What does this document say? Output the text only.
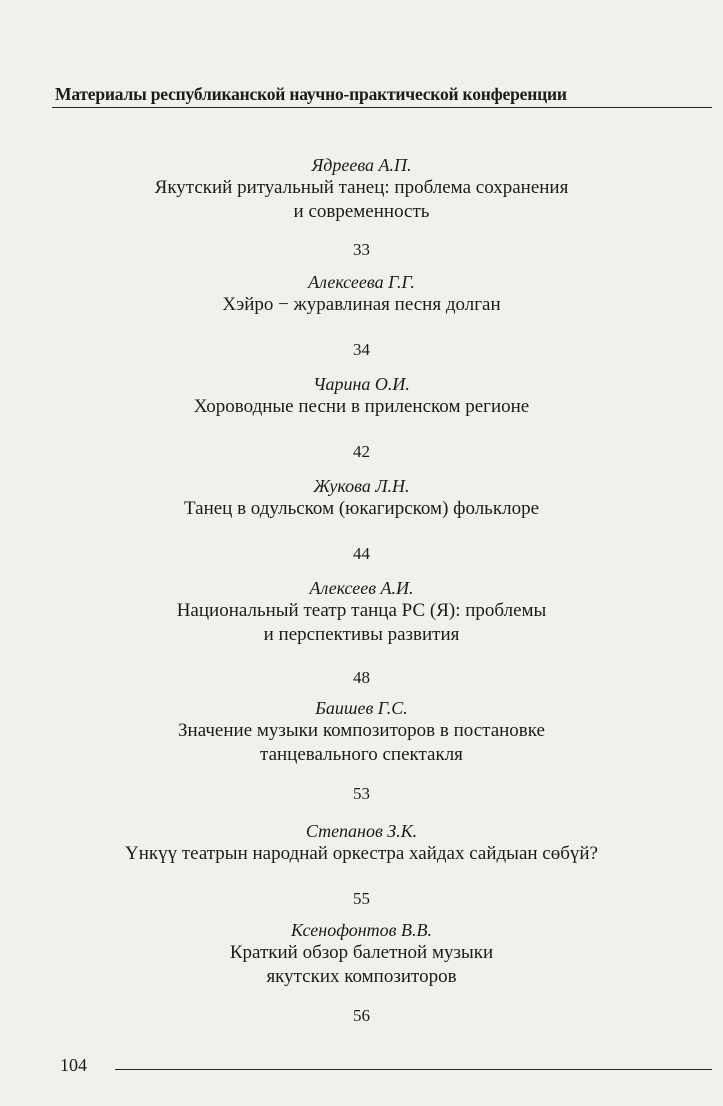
Материалы республиканской научно-практической конференции
Ядреева А.П.
Якутский ритуальный танец: проблема сохранения
и современность
33
Алексеева Г.Г.
Хэйро − журавлиная песня долган
34
Чарина О.И.
Хороводные песни в приленском регионе
42
Жукова Л.Н.
Танец в одульском (юкагирском) фольклоре
44
Алексеев А.И.
Национальный театр танца РС (Я): проблемы
и перспективы развития
48
Баишев Г.С.
Значение музыки композиторов в постановке
танцевального спектакля
53
Степанов З.К.
Үнкүү театрын народнай оркестра хайдах сайдыан сөбүй?
55
Ксенофонтов В.В.
Краткий обзор балетной музыки
якутских композиторов
56
104
